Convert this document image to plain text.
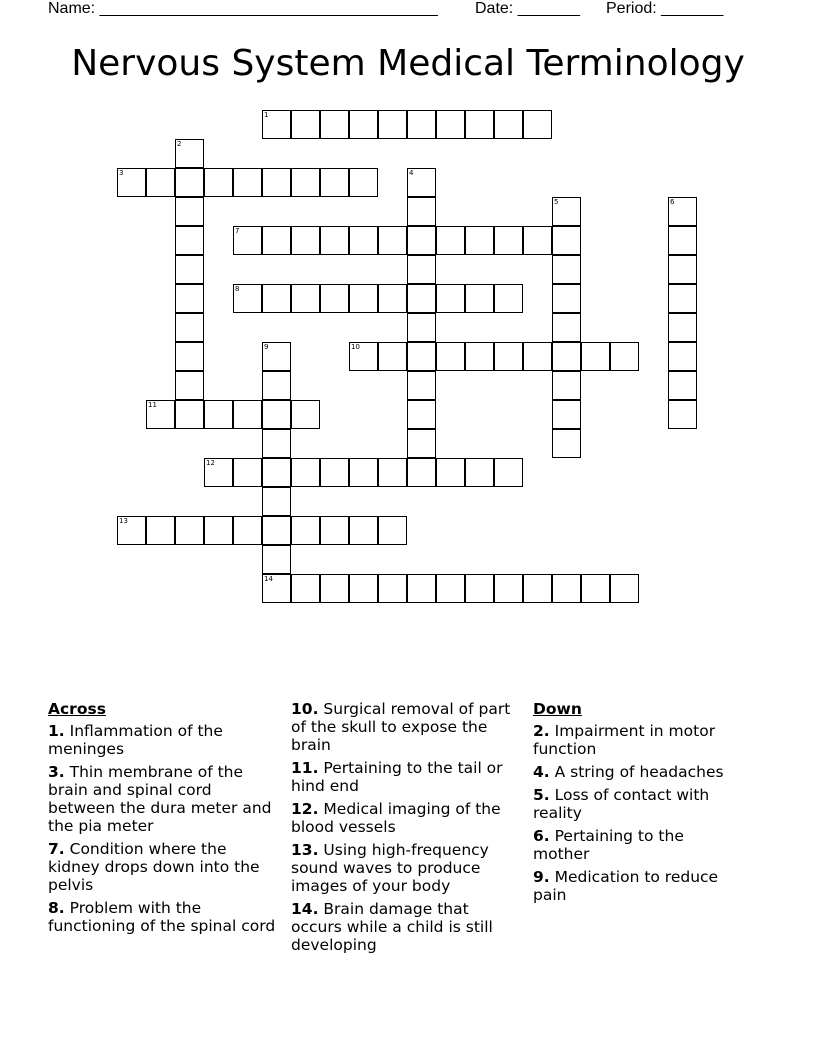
Name: ______________________________________ Date: _______ Period: _______
Nervous System Medical Terminology
1
2
3	4
5	6
7
8
9
14
10
11
12
13
Across
1. Inflammation of the meninges
3. Thin membrane of the brain and spinal cord between the dura meter and the pia meter
7. Condition where the kidney drops down into the pelvis
8. Problem with the functioning of the spinal cord
10. Surgical removal of part of the skull to expose the brain
11. Pertaining to the tail or hind end
12. Medical imaging of the blood vessels
13. Using high-frequency sound waves to produce images of your body
14. Brain damage that occurs while a child is still developing
Down
2. Impairment in motor function
4. A string of headaches
5. Loss of contact with reality
6. Pertaining to the mother
9. Medication to reduce pain
